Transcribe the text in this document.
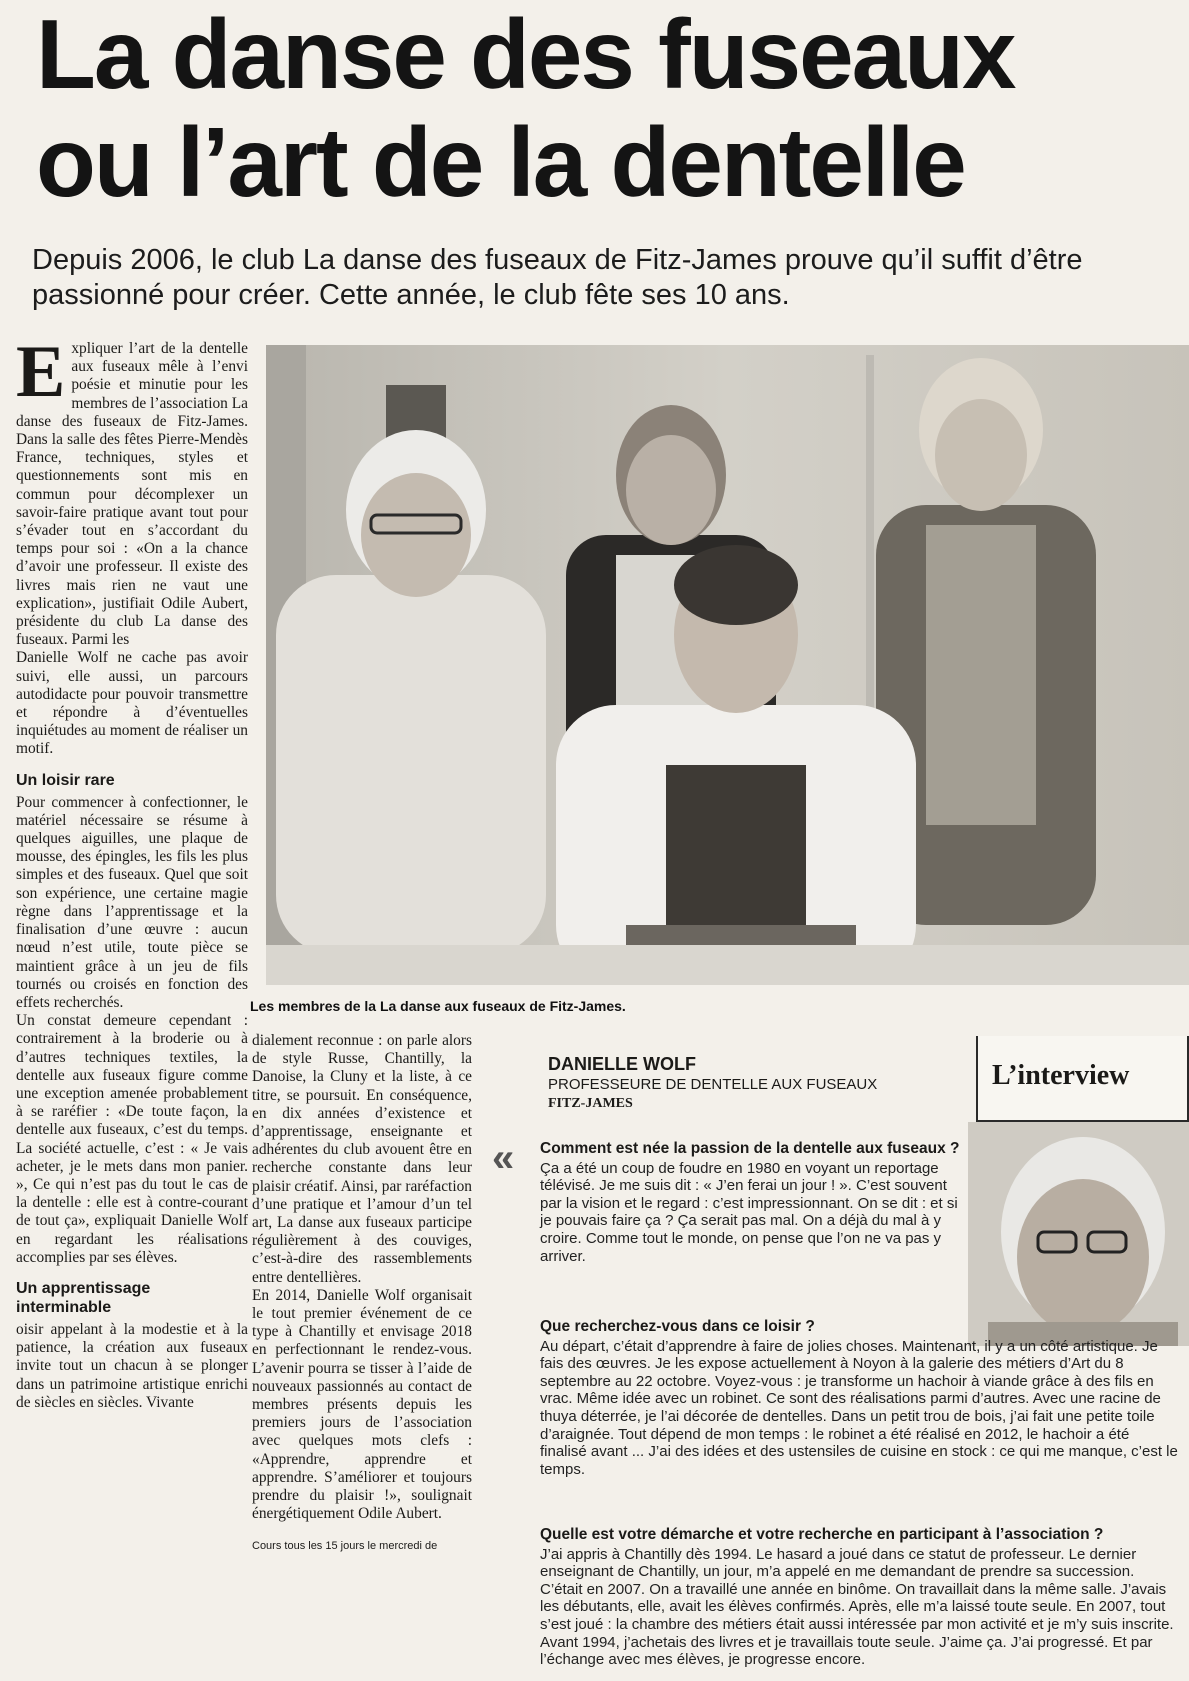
La danse des fuseaux
ou l’art de la dentelle
Depuis 2006, le club La danse des fuseaux de Fitz-James prouve qu’il suffit d’être
passionné pour créer. Cette année, le club fête ses 10 ans.

Expliquer l’art de la dentelle aux fuseaux mêle à l’envi poésie et minutie pour les membres de l’association La danse des fuseaux de Fitz-James. Dans la salle des fêtes Pierre-Mendès France, techniques, styles et questionnements sont mis en commun pour décomplexer un savoir-faire pratique avant tout pour s’évader tout en s’accordant du temps pour soi : «On a la chance d’avoir une professeur. Il existe des livres mais rien ne vaut une explication», justifiait Odile Aubert, présidente du club La danse des fuseaux. Parmi les

Danielle Wolf ne cache pas avoir suivi, elle aussi, un parcours autodidacte pour pouvoir transmettre et répondre à d’éventuelles inquiétudes au moment de réaliser un motif.

Un loisir rare

Pour commencer à confectionner, le matériel nécessaire se résume à quelques aiguilles, une plaque de mousse, des épingles, les fils les plus simples et des fuseaux. Quel que soit son expérience, une certaine magie règne dans l’apprentissage et la finalisation d’une œuvre : aucun nœud n’est utile, toute pièce se maintient grâce à un jeu de fils tournés ou croisés en fonction des effets recherchés.

Un constat demeure cependant : contrairement à la broderie ou à d’autres techniques textiles, la dentelle aux fuseaux figure comme une exception amenée probablement à se raréfier : «De toute façon, la dentelle aux fuseaux, c’est du temps. La société actuelle, c’est : « Je vais acheter, je le mets dans mon panier. », Ce qui n’est pas du tout le cas de la dentelle : elle est à contre-courant de tout ça», expliquait Danielle Wolf en regardant les réalisations accomplies par ses élèves.

Un apprentissage interminable

oisir appelant à la modestie et à la patience, la création aux fuseaux invite tout un chacun à se plonger dans un patrimoine artistique enrichi de siècles en siècles. Vivante

Les membres de la La danse aux fuseaux de Fitz-James.

dialement reconnue : on parle alors de style Russe, Chantilly, la Danoise, la Cluny et la liste, à ce titre, se poursuit. En conséquence, en dix années d’existence et d’apprentissage, enseignante et adhérentes du club avouent être en recherche constante dans leur plaisir créatif. Ainsi, par raréfaction d’une pratique et l’amour d’un tel art, La danse aux fuseaux participe régulièrement à des couviges, c’est-à-dire des rassemblements entre dentellières.

En 2014, Danielle Wolf organisait le tout premier événement de ce type à Chantilly et envisage 2018 en perfectionnant le rendez-vous. L’avenir pourra se tisser à l’aide de nouveaux passionnés au contact de membres présents depuis les premiers jours de l’association avec quelques mots clefs : «Apprendre, apprendre et apprendre. S’améliorer et toujours prendre du plaisir !», soulignait énergétiquement Odile Aubert.

Cours tous les 15 jours le mercredi de
L’interview
DANIELLE WOLF
PROFESSEURE DE DENTELLE AUX FUSEAUX
FITZ-JAMES
« Comment est née la passion de la dentelle aux fuseaux ?
Ça a été un coup de foudre en 1980 en voyant un reportage télévisé. Je me suis dit : « J’en ferai un jour ! ». C’est souvent par la vision et le regard : c’est impressionnant. On se dit : et si je pouvais faire ça ? Ça serait pas mal. On a déjà du mal à y croire. Comme tout le monde, on pense que l’on ne va pas y arriver.
Que recherchez-vous dans ce loisir ?
Au départ, c’était d’apprendre à faire de jolies choses. Maintenant, il y a un côté artistique. Je fais des œuvres. Je les expose actuellement à Noyon à la galerie des métiers d’Art du 8 septembre au 22 octobre. Voyez-vous : je transforme un hachoir à viande grâce à des fils en vrac. Même idée avec un robinet. Ce sont des réalisations parmi d’autres. Avec une racine de thuya déterrée, je l’ai décorée de dentelles. Dans un petit trou de bois, j’ai fait une petite toile d’araignée. Tout dépend de mon temps : le robinet a été réalisé en 2012, le hachoir a été finalisé avant ... J’ai des idées et des ustensiles de cuisine en stock : ce qui me manque, c’est le temps.
Quelle est votre démarche et votre recherche en participant à l’association ?
J’ai appris à Chantilly dès 1994. Le hasard a joué dans ce statut de professeur. Le dernier enseignant de Chantilly, un jour, m’a appelé en me demandant de prendre sa succession. C’était en 2007. On a travaillé une année en binôme. On travaillait dans la même salle. J’avais les débutants, elle, avait les élèves confirmés. Après, elle m’a laissé toute seule. En 2007, tout s’est joué : la chambre des métiers était aussi intéressée par mon activité et je m’y suis inscrite. Avant 1994, j’achetais des livres et je travaillais toute seule. J’aime ça. J’ai progressé. Et par l’échange avec mes élèves, je progresse encore.
